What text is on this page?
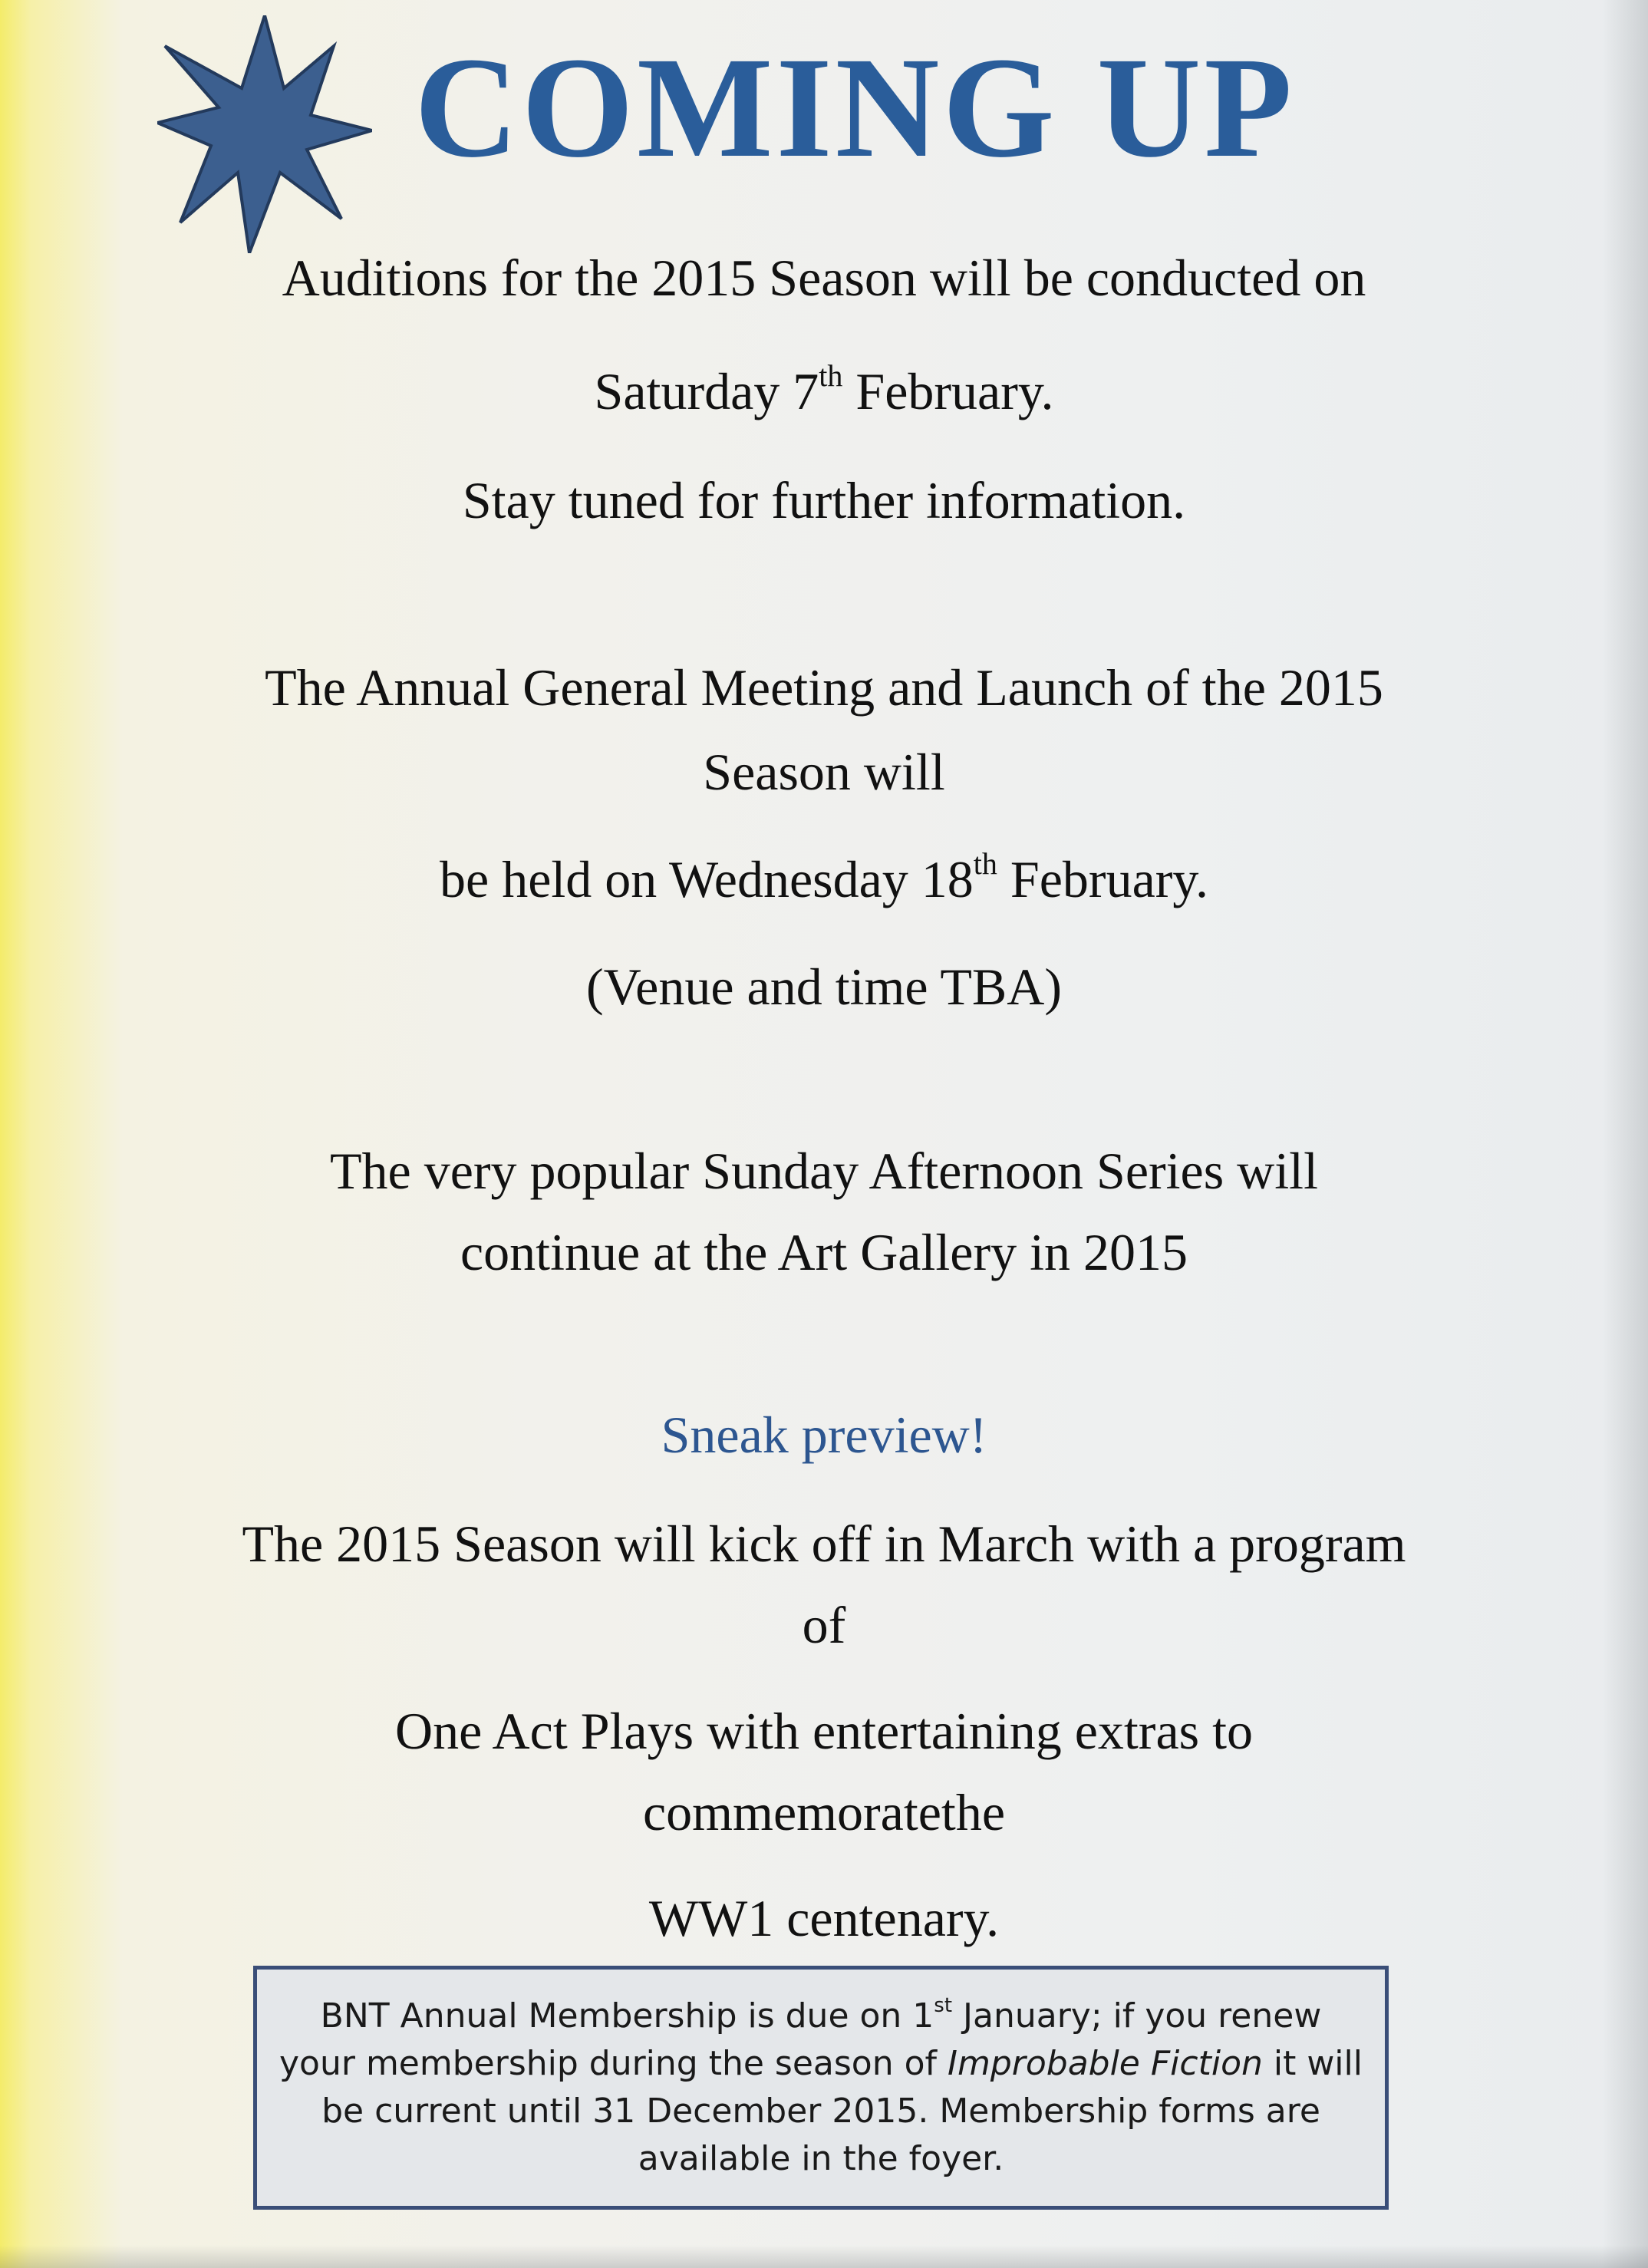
COMING UP
Auditions for the 2015 Season will be conducted on
Saturday 7th February.
Stay tuned for further information.
The Annual General Meeting and Launch of the 2015
Season will
be held on Wednesday 18th February.
(Venue and time TBA)
The very popular Sunday Afternoon Series will
continue at the Art Gallery in 2015
Sneak preview!
The 2015 Season will kick off in March with a program
of
One Act Plays with entertaining extras to
commemoratethe
WW1 centenary.
BNT Annual Membership is due on 1st January; if you renew
your membership during the season of Improbable Fiction it will
be current until 31 December 2015. Membership forms are
available in the foyer.
